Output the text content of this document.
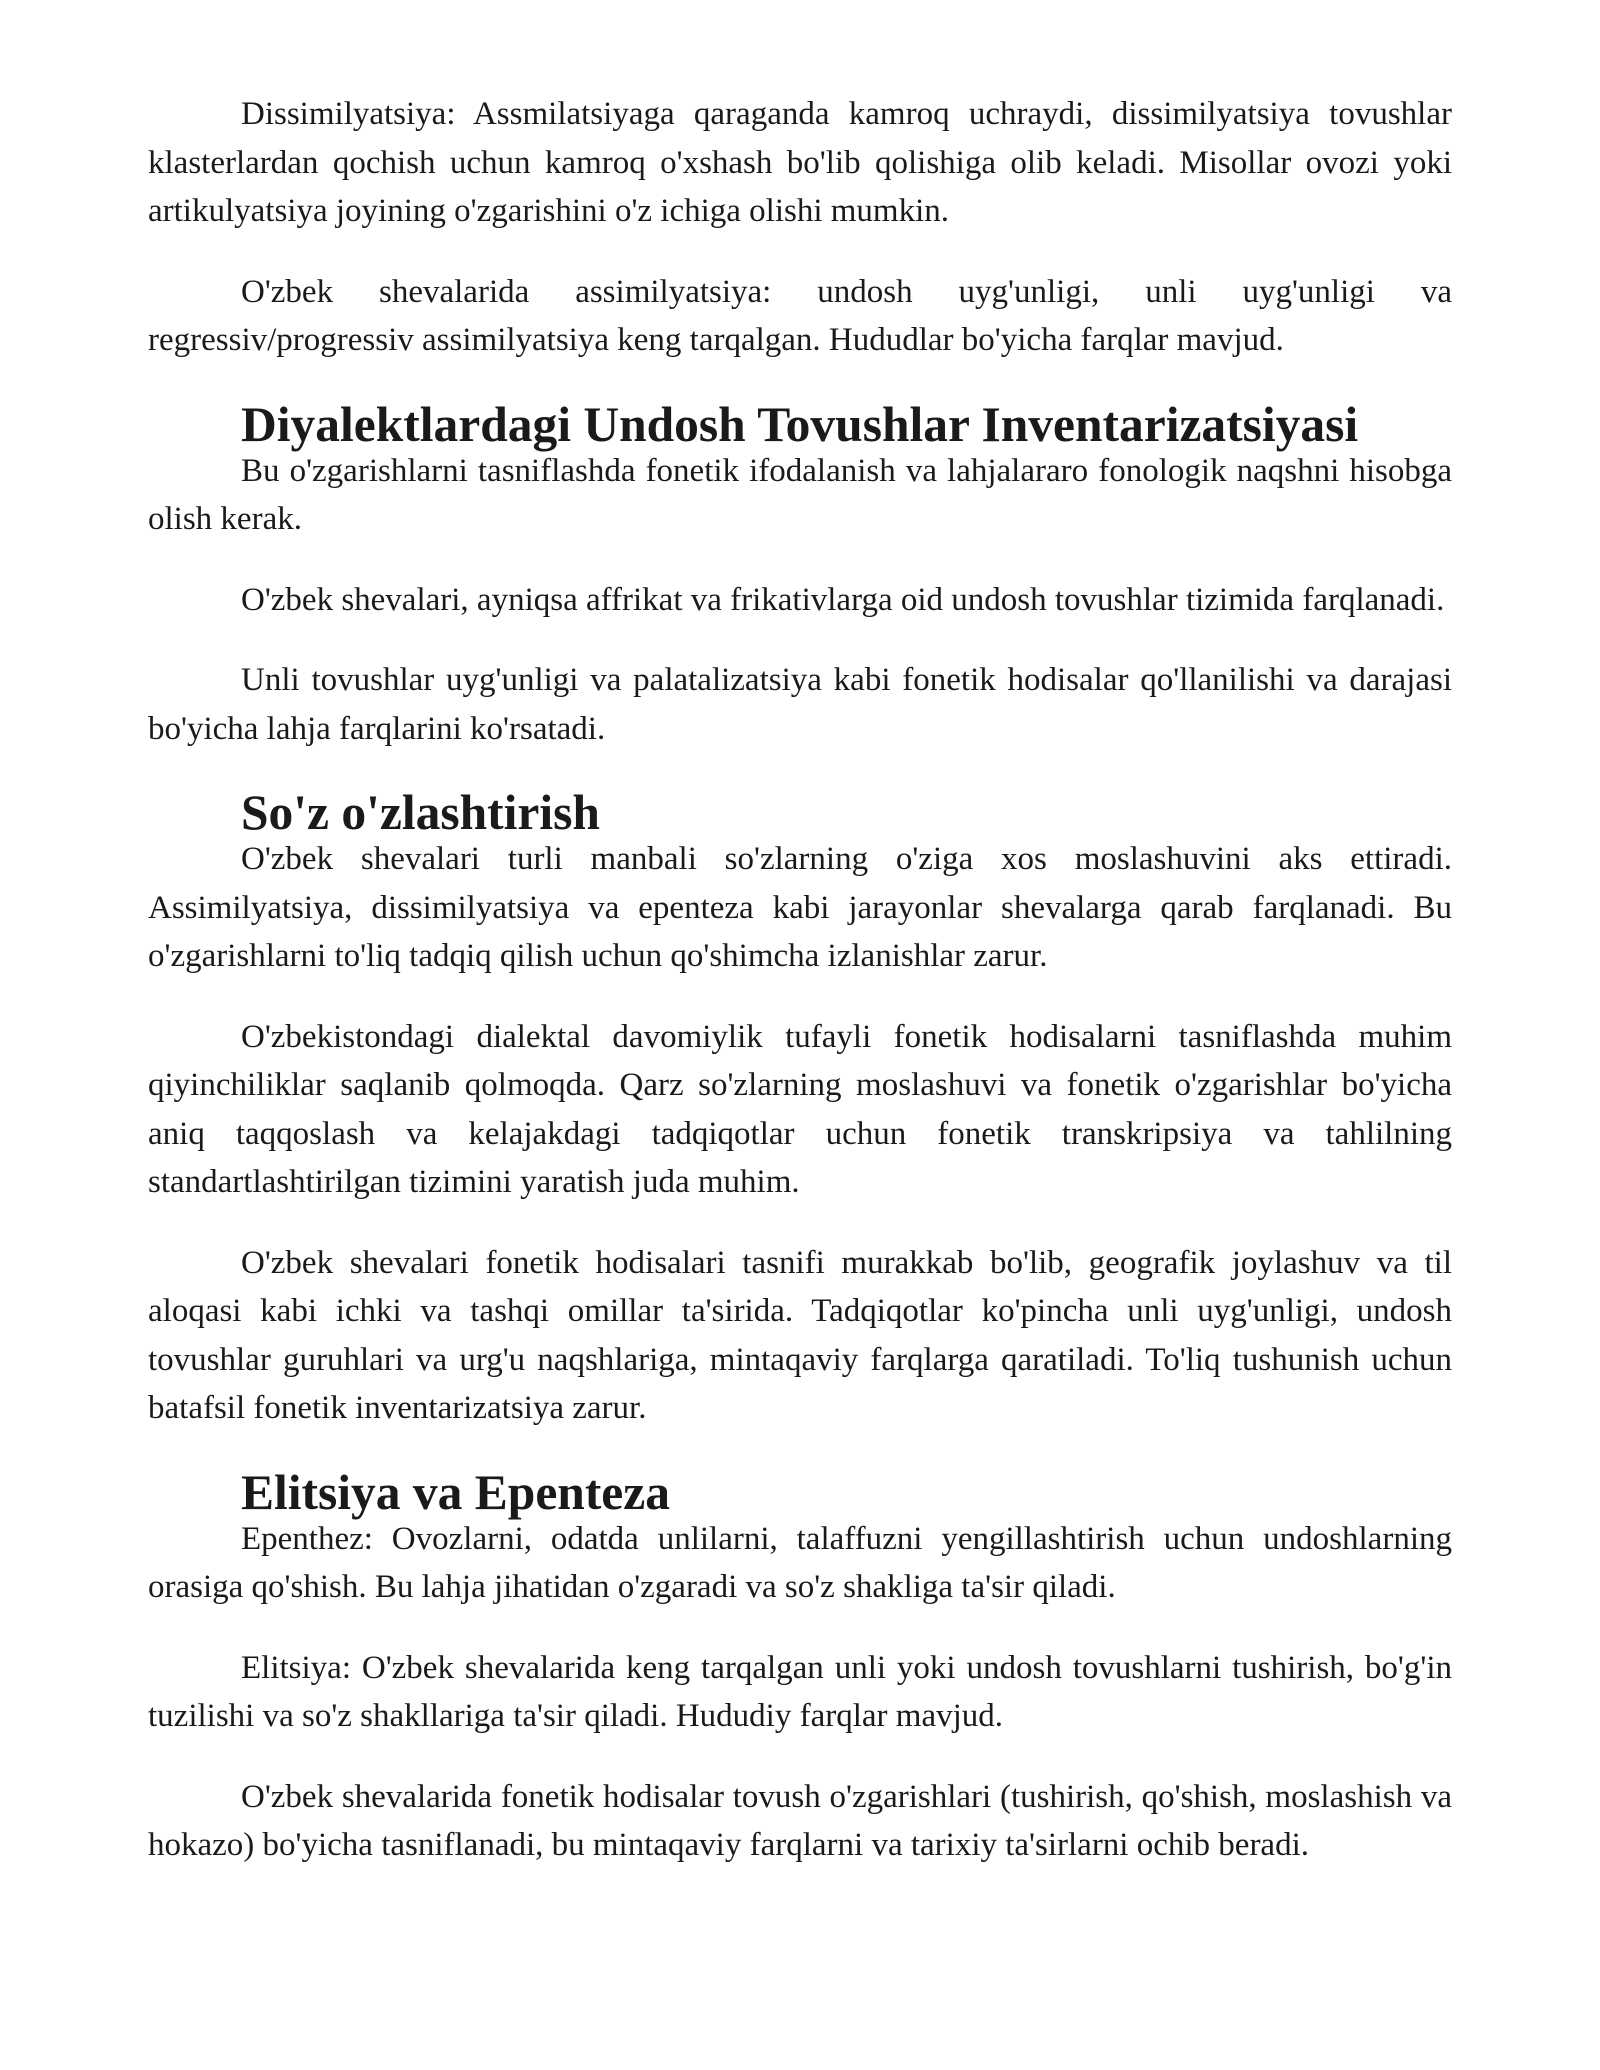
Dissimilyatsiya: Assmilatsiyaga qaraganda kamroq uchraydi, dissimilyatsiya tovushlar klasterlardan qochish uchun kamroq o'xshash bo'lib qolishiga olib keladi. Misollar ovozi yoki artikulyatsiya joyining o'zgarishini o'z ichiga olishi mumkin.

O'zbek shevalarida assimilyatsiya: undosh uyg'unligi, unli uyg'unligi va regressiv/progressiv assimilyatsiya keng tarqalgan. Hududlar bo'yicha farqlar mavjud.

Diyalektlardagi Undosh Tovushlar Inventarizatsiyasi

Bu o'zgarishlarni tasniflashda fonetik ifodalanish va lahjalararo fonologik naqshni hisobga olish kerak.

O'zbek shevalari, ayniqsa affrikat va frikativlarga oid undosh tovushlar tizimida farqlanadi.

Unli tovushlar uyg'unligi va palatalizatsiya kabi fonetik hodisalar qo'llanilishi va darajasi bo'yicha lahja farqlarini ko'rsatadi.

So'z o'zlashtirish

O'zbek shevalari turli manbali so'zlarning o'ziga xos moslashuvini aks ettiradi. Assimilyatsiya, dissimilyatsiya va epenteza kabi jarayonlar shevalarga qarab farqlanadi. Bu o'zgarishlarni to'liq tadqiq qilish uchun qo'shimcha izlanishlar zarur.

O'zbekistondagi dialektal davomiylik tufayli fonetik hodisalarni tasniflashda muhim qiyinchiliklar saqlanib qolmoqda. Qarz so'zlarning moslashuvi va fonetik o'zgarishlar bo'yicha aniq taqqoslash va kelajakdagi tadqiqotlar uchun fonetik transkripsiya va tahlilning standartlashtirilgan tizimini yaratish juda muhim.

O'zbek shevalari fonetik hodisalari tasnifi murakkab bo'lib, geografik joylashuv va til aloqasi kabi ichki va tashqi omillar ta'sirida. Tadqiqotlar ko'pincha unli uyg'unligi, undosh tovushlar guruhlari va urg'u naqshlariga, mintaqaviy farqlarga qaratiladi. To'liq tushunish uchun batafsil fonetik inventarizatsiya zarur.

Elitsiya va Epenteza

Epenthez: Ovozlarni, odatda unlilarni, talaffuzni yengillashtirish uchun undoshlarning orasiga qo'shish. Bu lahja jihatidan o'zgaradi va so'z shakliga ta'sir qiladi.

Elitsiya: O'zbek shevalarida keng tarqalgan unli yoki undosh tovushlarni tushirish, bo'g'in tuzilishi va so'z shakllariga ta'sir qiladi. Hududiy farqlar mavjud.

O'zbek shevalarida fonetik hodisalar tovush o'zgarishlari (tushirish, qo'shish, moslashish va hokazo) bo'yicha tasniflanadi, bu mintaqaviy farqlarni va tarixiy ta'sirlarni ochib beradi.
